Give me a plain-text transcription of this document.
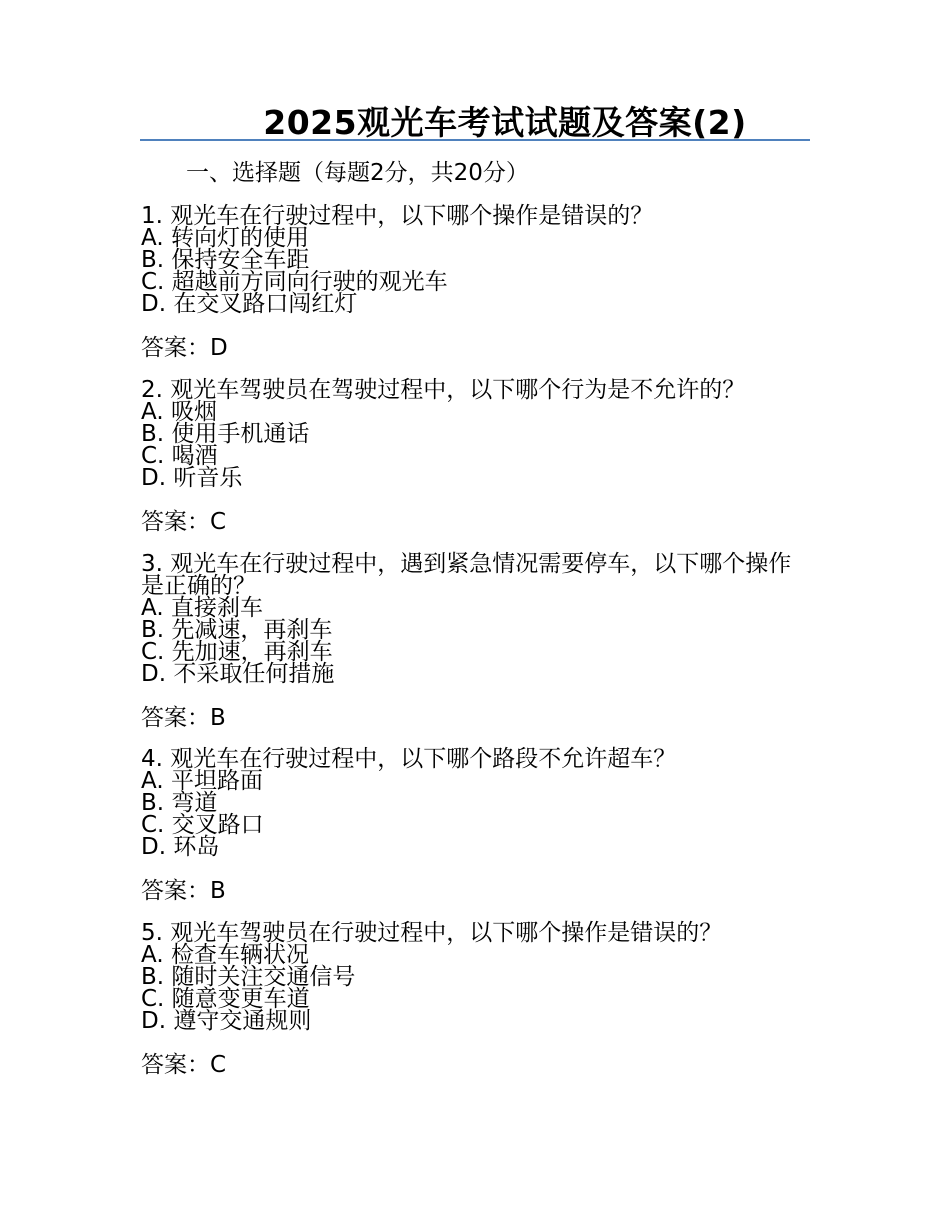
2025观光车考试试题及答案(2)
一、选择题（每题2分，共20分）
1. 观光车在行驶过程中，以下哪个操作是错误的？
A. 转向灯的使用
B. 保持安全车距
C. 超越前方同向行驶的观光车
D. 在交叉路口闯红灯
答案：D
2. 观光车驾驶员在驾驶过程中，以下哪个行为是不允许的？
A. 吸烟
B. 使用手机通话
C. 喝酒
D. 听音乐
答案：C
3. 观光车在行驶过程中，遇到紧急情况需要停车，以下哪个操作是正确的？
A. 直接刹车
B. 先减速，再刹车
C. 先加速，再刹车
D. 不采取任何措施
答案：B
4. 观光车在行驶过程中，以下哪个路段不允许超车？
A. 平坦路面
B. 弯道
C. 交叉路口
D. 环岛
答案：B
5. 观光车驾驶员在行驶过程中，以下哪个操作是错误的？
A. 检查车辆状况
B. 随时关注交通信号
C. 随意变更车道
D. 遵守交通规则
答案：C
